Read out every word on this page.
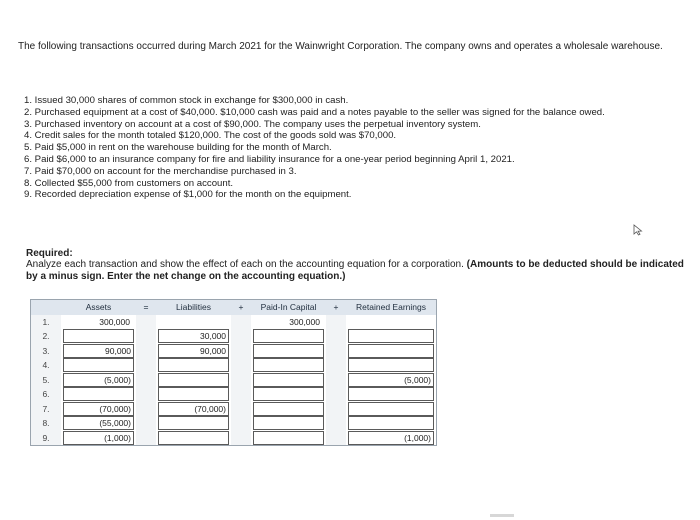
The following transactions occurred during March 2021 for the Wainwright Corporation. The company owns and operates a wholesale warehouse.
1. Issued 30,000 shares of common stock in exchange for $300,000 in cash.
2. Purchased equipment at a cost of $40,000. $10,000 cash was paid and a notes payable to the seller was signed for the balance owed.
3. Purchased inventory on account at a cost of $90,000. The company uses the perpetual inventory system.
4. Credit sales for the month totaled $120,000. The cost of the goods sold was $70,000.
5. Paid $5,000 in rent on the warehouse building for the month of March.
6. Paid $6,000 to an insurance company for fire and liability insurance for a one-year period beginning April 1, 2021.
7. Paid $70,000 on account for the merchandise purchased in 3.
8. Collected $55,000 from customers on account.
9. Recorded depreciation expense of $1,000 for the month on the equipment.
Required:
Analyze each transaction and show the effect of each on the accounting equation for a corporation. (Amounts to be deducted should be indicated by a minus sign. Enter the net change on the accounting equation.)
	Assets	=	Liabilities	+	Paid-In Capital	+	Retained Earnings
1.	300,000				300,000		

2.			30,000				

3.	90,000		90,000				

4.	

5.	(5,000)						(5,000)

6.	

7.	(70,000)		(70,000)				

8.	(55,000)						

9.	(1,000)						(1,000)
